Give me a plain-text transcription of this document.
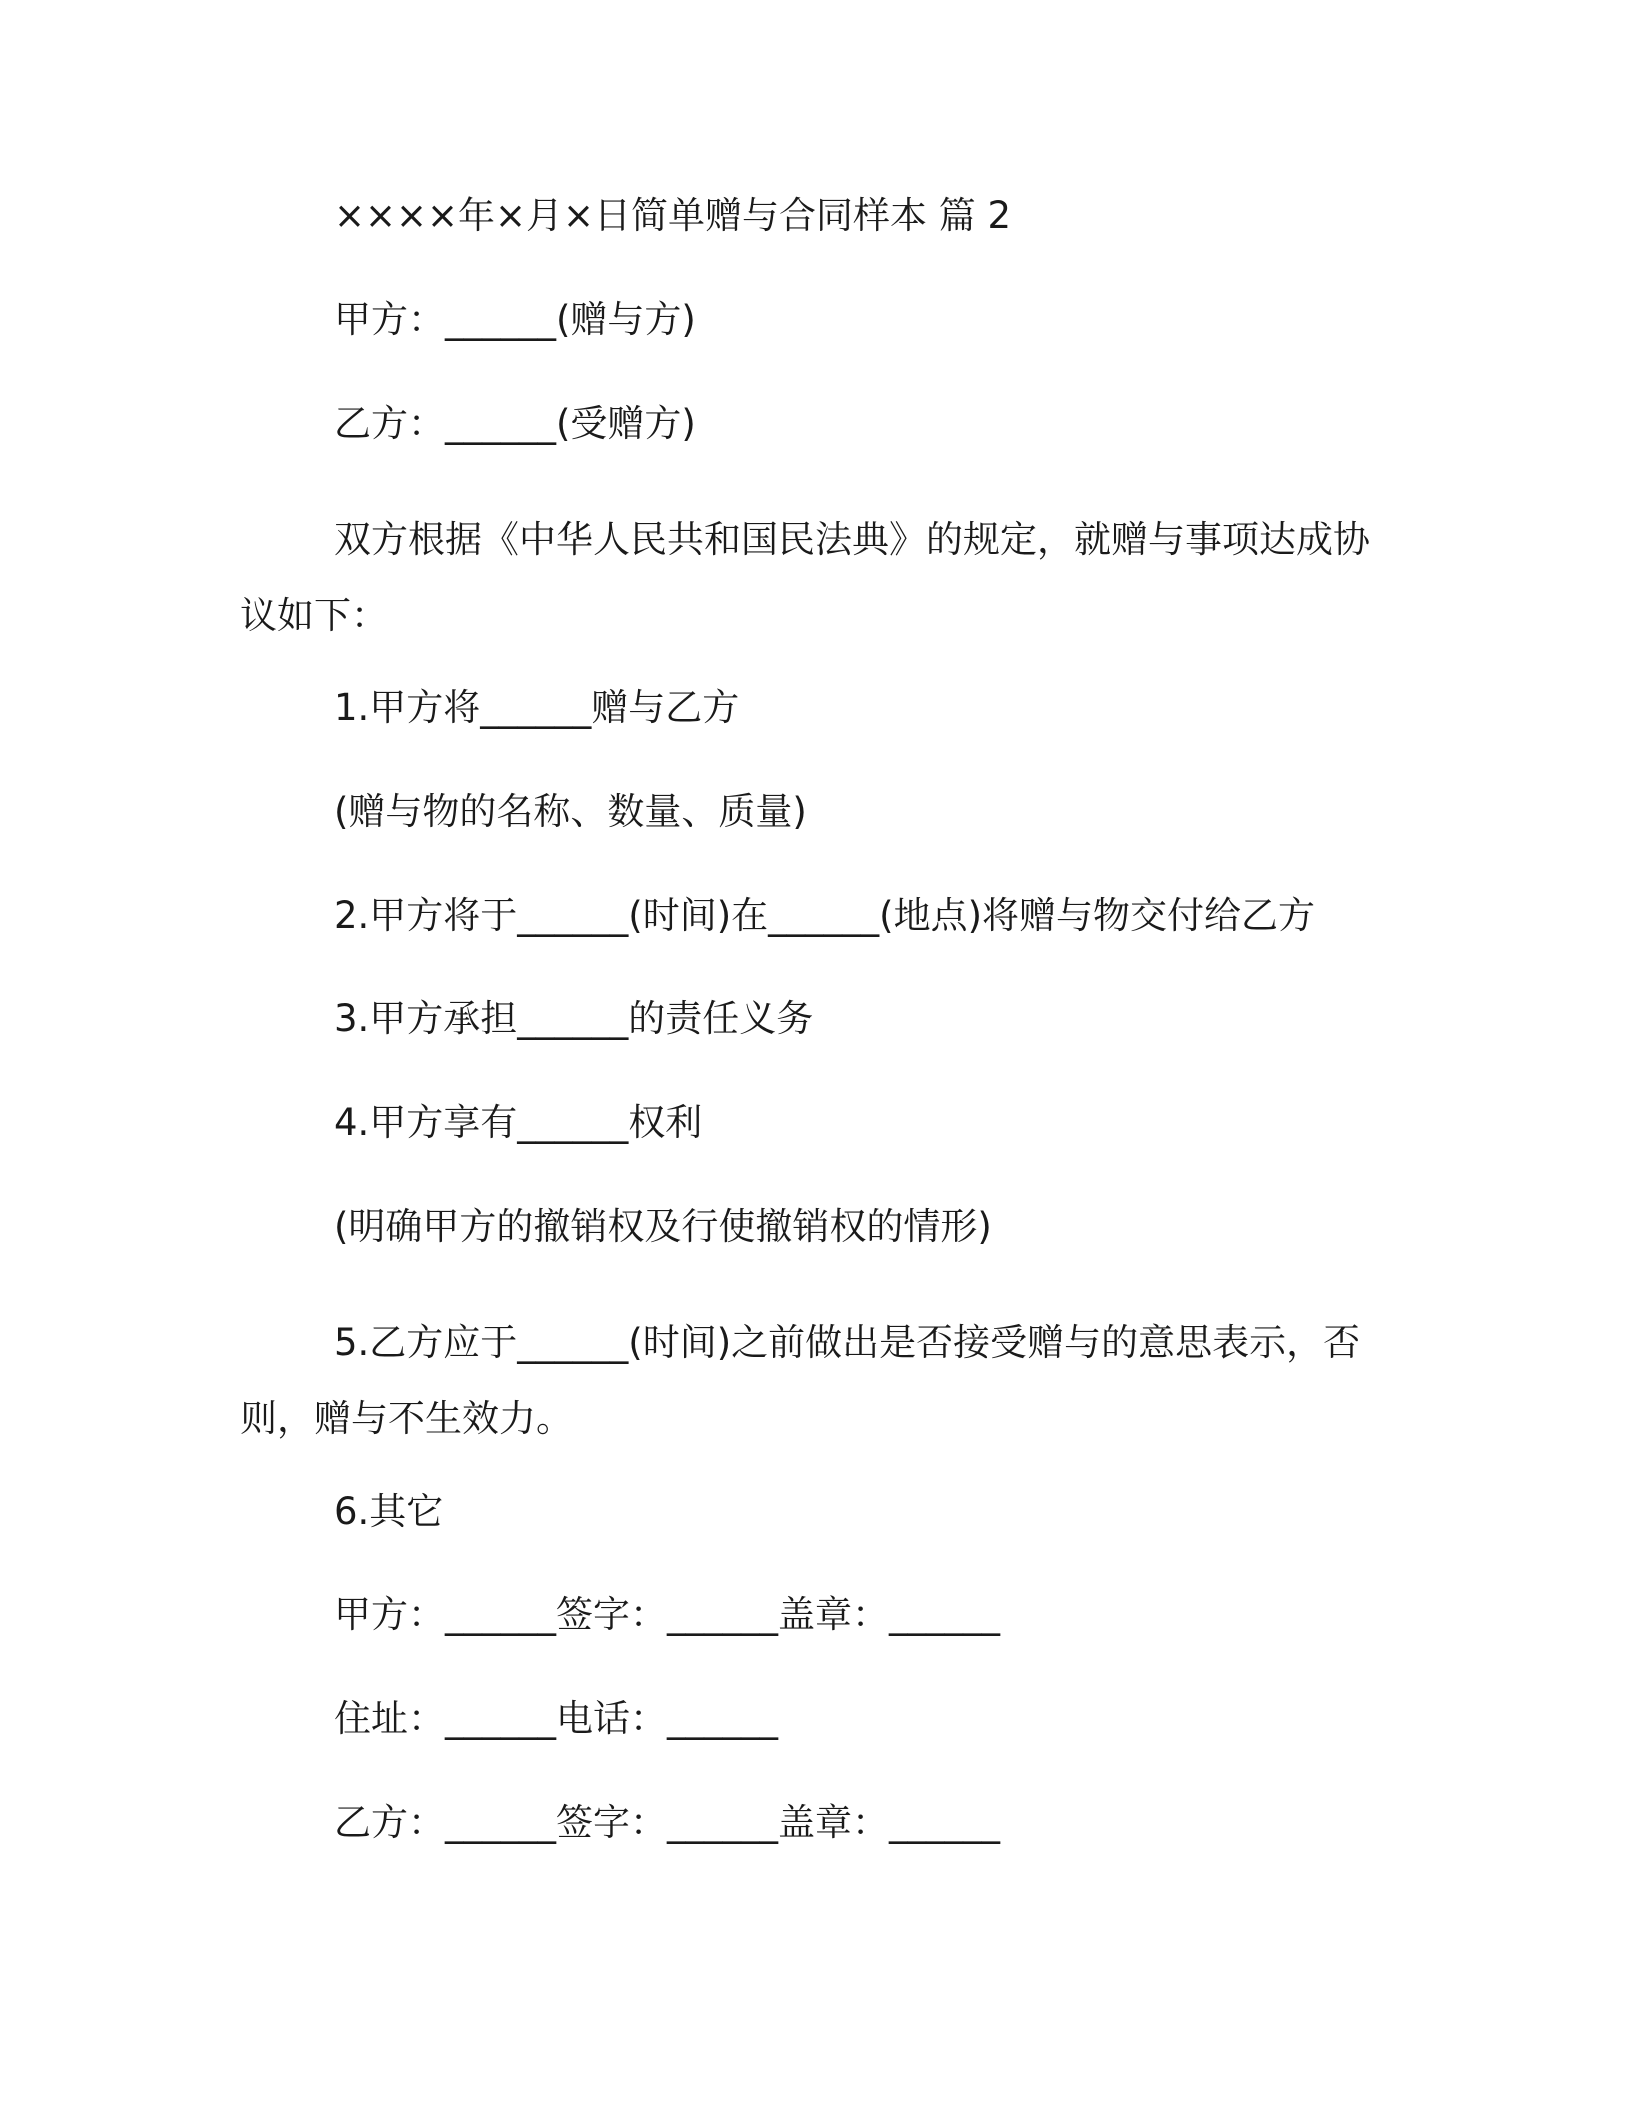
××××年×月×日简单赠与合同样本 篇 2

甲方：______(赠与方)

乙方：______(受赠方)

双方根据《中华人民共和国民法典》的规定，就赠与事项达成协议如下：

1.甲方将______赠与乙方

(赠与物的名称、数量、质量)

2.甲方将于______(时间)在______(地点)将赠与物交付给乙方

3.甲方承担______的责任义务

4.甲方享有______权利

(明确甲方的撤销权及行使撤销权的情形)

5.乙方应于______(时间)之前做出是否接受赠与的意思表示，否则，赠与不生效力。

6.其它

甲方：______签字：______盖章：______

住址：______电话：______

乙方：______签字：______盖章：______
